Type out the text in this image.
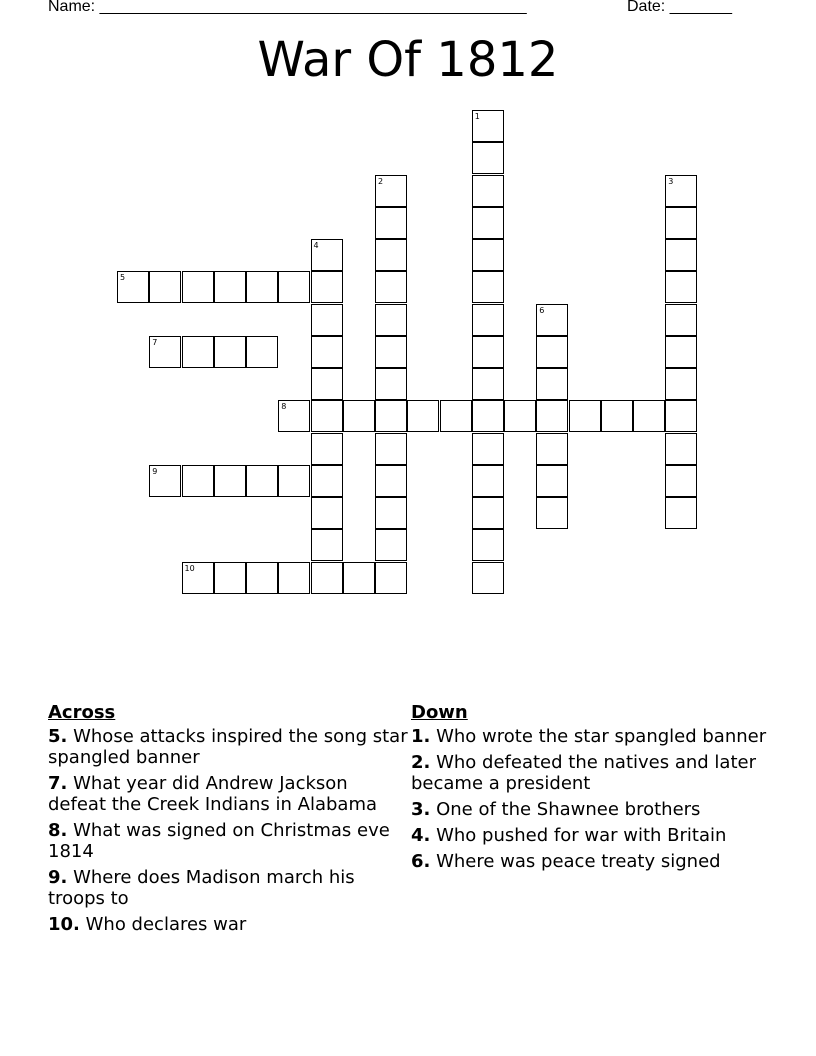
Name: ________________________________________________	Date: _______
War Of 1812
1
2	3
4
5
6
7
8
9
10
Across
5. Whose attacks inspired the song star spangled banner
7. What year did Andrew Jackson defeat the Creek Indians in Alabama
8. What was signed on Christmas eve 1814
9. Where does Madison march his troops to
10. Who declares war
Down
1. Who wrote the star spangled banner
2. Who defeated the natives and later became a president
3. One of the Shawnee brothers
4. Who pushed for war with Britain
6. Where was peace treaty signed
